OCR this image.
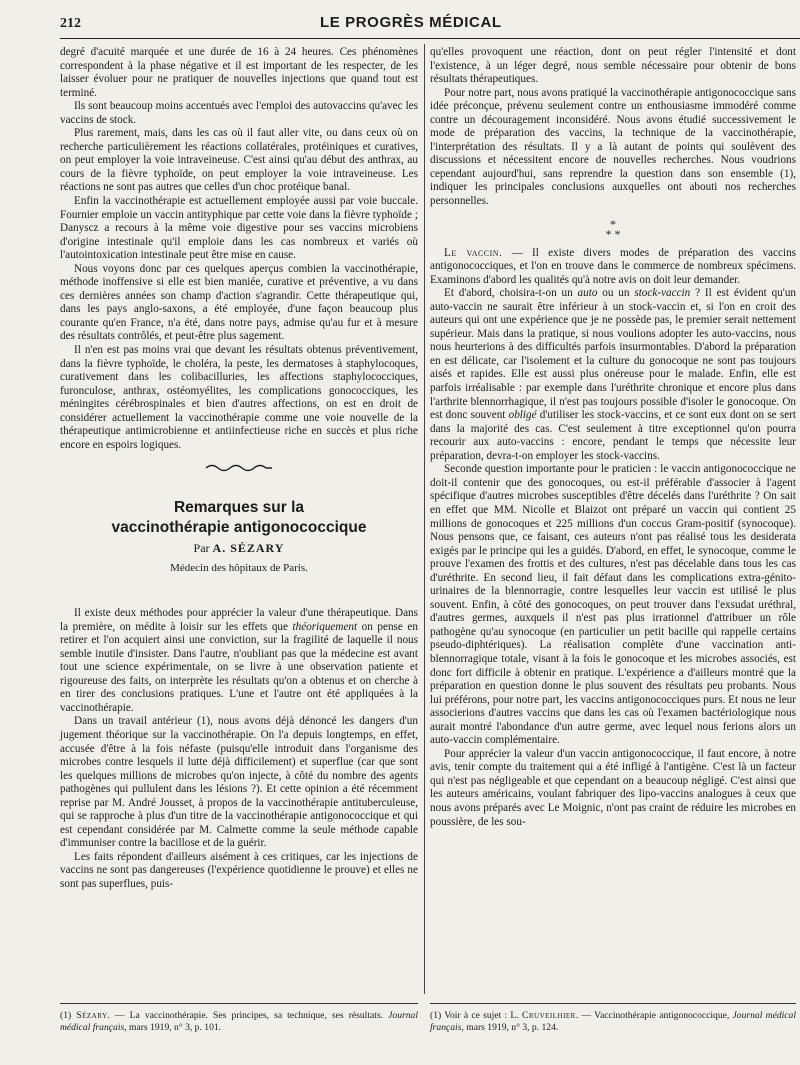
212	LE PROGRÈS MÉDICAL

degré d'acuité marquée et une durée de 16 à 24 heures. Ces phénomènes correspondent à la phase négative et il est important de les respecter, de les laisser évoluer pour ne pratiquer de nouvelles injections que quand tout est terminé.

Ils sont beaucoup moins accentués avec l'emploi des autovaccins qu'avec les vaccins de stock.

Plus rarement, mais, dans les cas où il faut aller vite, ou dans ceux où on recherche particulièrement les réactions collatérales, protéiniques et curatives, on peut employer la voie intraveineuse. C'est ainsi qu'au début des anthrax, au cours de la fièvre typhoïde, on peut employer la voie intraveineuse. Les réactions ne sont pas autres que celles d'un choc protéique banal.

Enfin la vaccinothérapie est actuellement employée aussi par voie buccale. Fournier emploie un vaccin antityphique par cette voie dans la fièvre typhoïde ; Danyscz a recours à la même voie digestive pour ses vaccins microbiens d'origine intestinale qu'il emploie dans les cas nombreux et variés où l'autointoxication intestinale peut être mise en cause.

Nous voyons donc par ces quelques aperçus combien la vaccinothérapie, méthode inoffensive si elle est bien maniée, curative et préventive, a vu dans ces dernières années son champ d'action s'agrandir. Cette thérapeutique qui, dans les pays anglo-saxons, a été employée, d'une façon beaucoup plus courante qu'en France, n'a été, dans notre pays, admise qu'au fur et à mesure des résultats contrôlés, et peut-être plus sagement.

Il n'en est pas moins vrai que devant les résultats obtenus préventivement, dans la fièvre typhoïde, le choléra, la peste, les dermatoses à staphylocoques, curativement dans les colibacilluries, les affections staphylococciques, furonculose, anthrax, ostéomyélites, les complications gonococciques, les méningites cérébrospinales et bien d'autres affections, on est en droit de considérer actuellement la vaccinothérapie comme une voie nouvelle de la thérapeutique antimicrobienne et antiinfectieuse riche en succès et plus riche encore en espoirs logiques.

Remarques sur la
vaccinothérapie antigonococcique
Par A. SÉZARY
Médecin des hôpitaux de Paris.

Il existe deux méthodes pour apprécier la valeur d'une thérapeutique. Dans la première, on médite à loisir sur les effets que théoriquement on pense en retirer et l'on acquiert ainsi une conviction, sur la fragilité de laquelle il nous semble inutile d'insister. Dans l'autre, n'oubliant pas que la médecine est avant tout une science expérimentale, on se livre à une observation patiente et rigoureuse des faits, on interprète les résultats qu'on a obtenus et on cherche à en tirer des conclusions pratiques. L'une et l'autre ont été appliquées à la vaccinothérapie.

Dans un travail antérieur (1), nous avons déjà dénoncé les dangers d'un jugement théorique sur la vaccinothérapie. On l'a depuis longtemps, en effet, accusée d'être à la fois néfaste (puisqu'elle introduit dans l'organisme des microbes contre lesquels il lutte déjà difficilement) et superflue (car que sont les quelques millions de microbes qu'on injecte, à côté du nombre des agents pathogènes qui pullulent dans les lésions ?). Et cette opinion a été récemment reprise par M. André Jousset, à propos de la vaccinothérapie antituberculeuse, qui se rapproche à plus d'un titre de la vaccinothérapie antigonococcique et qui est cependant considérée par M. Calmette comme la seule méthode capable d'immuniser contre la bacillose et de la guérir.

Les faits répondent d'ailleurs aisément à ces critiques, car les injections de vaccins ne sont pas dangereuses (l'expérience quotidienne le prouve) et elles ne sont pas superflues, puis-

qu'elles provoquent une réaction, dont on peut régler l'intensité et dont l'existence, à un léger degré, nous semble nécessaire pour obtenir de bons résultats thérapeutiques.

Pour notre part, nous avons pratiqué la vaccinothérapie antigonococcique sans idée préconçue, prévenu seulement contre un enthousiasme immodéré comme contre un découragement inconsidéré. Nous avons étudié successivement le mode de préparation des vaccins, la technique de la vaccinothérapie, l'interprétation des résultats. Il y a là autant de points qui soulèvent des discussions et nécessitent encore de nouvelles recherches. Nous voudrions cependant aujourd'hui, sans reprendre la question dans son ensemble (1), indiquer les principales conclusions auxquelles ont abouti nos recherches personnelles.

*
* *

Le vaccin. — Il existe divers modes de préparation des vaccins antigonococciques, et l'on en trouve dans le commerce de nombreux spécimens. Examinons d'abord les qualités qu'à notre avis on doit leur demander.

Et d'abord, choisira-t-on un auto ou un stock-vaccin ? Il est évident qu'un auto-vaccin ne saurait être inférieur à un stock-vaccin et, si l'on en croit des auteurs qui ont une expérience que je ne possède pas, le premier serait nettement supérieur. Mais dans la pratique, si nous voulions adopter les auto-vaccins, nous nous heurterions à des difficultés parfois insurmontables. D'abord la préparation en est délicate, car l'isolement et la culture du gonocoque ne sont pas toujours aisés et rapides. Elle est aussi plus onéreuse pour le malade. Enfin, elle est parfois irréalisable : par exemple dans l'uréthrite chronique et encore plus dans l'arthrite blennorrhagique, il n'est pas toujours possible d'isoler le gonocoque. On est donc souvent obligé d'utiliser les stock-vaccins, et ce sont eux dont on se sert dans la majorité des cas. C'est seulement à titre exceptionnel qu'on pourra recourir aux auto-vaccins : encore, pendant le temps que nécessite leur préparation, devra-t-on employer les stock-vaccins.

Seconde question importante pour le praticien : le vaccin antigonococcique ne doit-il contenir que des gonocoques, ou est-il préférable d'associer à l'agent spécifique d'autres microbes susceptibles d'être décelés dans l'uréthrite ? On sait en effet que MM. Nicolle et Blaizot ont préparé un vaccin qui contient 25 millions de gonocoques et 225 millions d'un coccus Gram-positif (synocoque). Nous pensons que, ce faisant, ces auteurs n'ont pas réalisé tous les desiderata exigés par le principe qui les a guidés. D'abord, en effet, le synocoque, comme le prouve l'examen des frottis et des cultures, n'est pas décelable dans tous les cas d'uréthrite. En second lieu, il fait défaut dans les complications extra-génito-urinaires de la blennorragie, contre lesquelles leur vaccin est utilisé le plus souvent. Enfin, à côté des gonocoques, on peut trouver dans l'exsudat uréthral, d'autres germes, auxquels il n'est pas plus irrationnel d'attribuer un rôle pathogène qu'au synocoque (en particulier un petit bacille qui rappelle certains pseudo-diphtériques). La réalisation complète d'une vaccination anti-blennorragique totale, visant à la fois le gonocoque et les microbes associés, est donc fort difficile à obtenir en pratique. L'expérience a d'ailleurs montré que la préparation en question donne le plus souvent des résultats peu probants. Nous lui préférons, pour notre part, les vaccins antigonococciques purs. Et nous ne leur associerions d'autres vaccins que dans les cas où l'examen bactériologique nous aurait montré l'abondance d'un autre germe, avec lequel nous ferions alors un auto-vaccin complémentaire.

Pour apprécier la valeur d'un vaccin antigonococcique, il faut encore, à notre avis, tenir compte du traitement qui a été infligé à l'antigène. C'est là un facteur qui n'est pas négligeable et que cependant on a beaucoup négligé. C'est ainsi que les auteurs américains, voulant fabriquer des lipo-vaccins analogues à ceux que nous avons préparés avec Le Moignic, n'ont pas craint de réduire les microbes en poussière, de les sou-

(1) Sézary. — La vaccinothérapie. Ses principes, sa technique, ses résultats. Journal médical français, mars 1919, n° 3, p. 101.
(1) Voir à ce sujet : L. Cruveilhier. — Vaccinothérapie antigonococcique, Journal médical français, mars 1919, n° 3, p. 124.
